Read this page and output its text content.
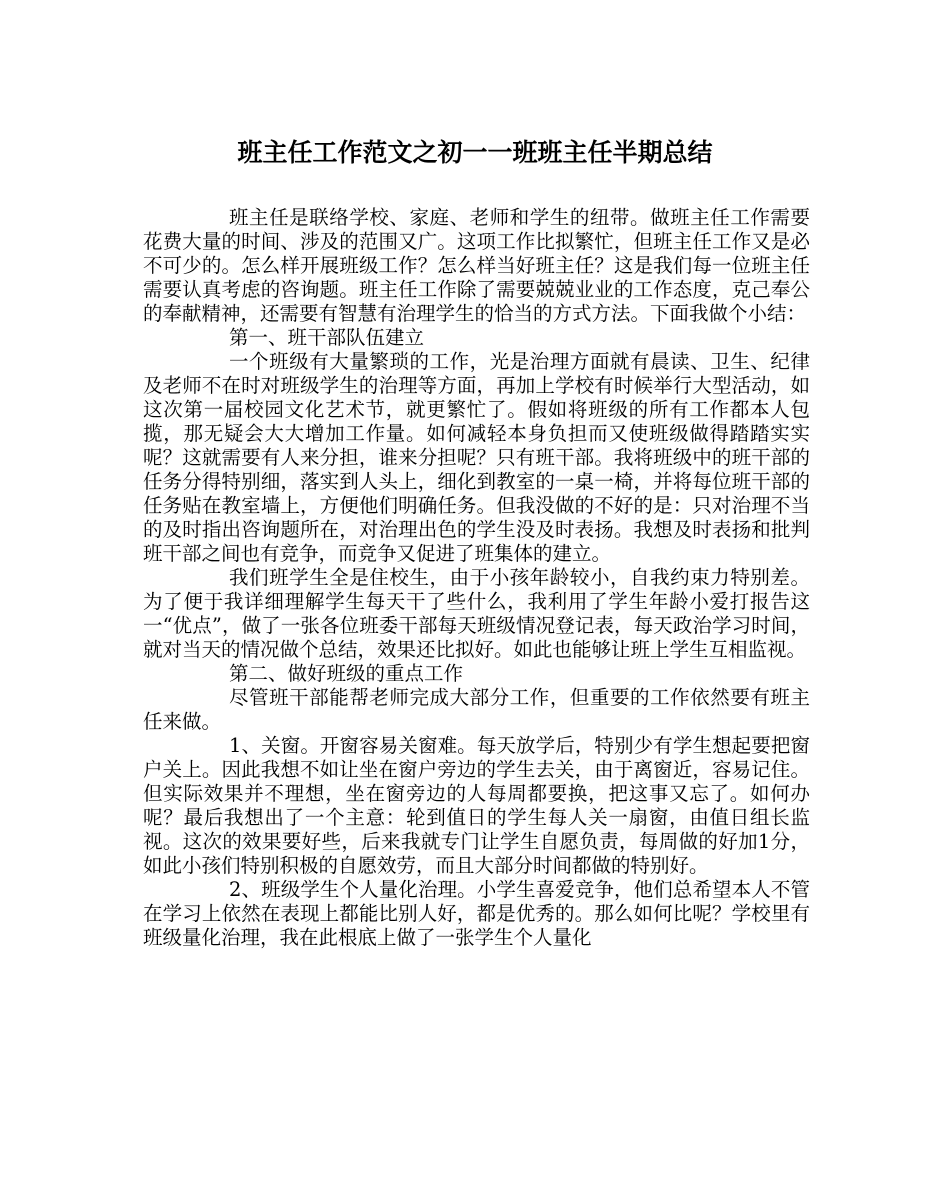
班主任工作范文之初一一班班主任半期总结

班主任是联络学校、家庭、老师和学生的纽带。做班主任工作需要花费大量的时间、涉及的范围又广。这项工作比拟繁忙，但班主任工作又是必不可少的。怎么样开展班级工作？怎么样当好班主任？这是我们每一位班主任需要认真考虑的咨询题。班主任工作除了需要兢兢业业的工作态度，克己奉公的奉献精神，还需要有智慧有治理学生的恰当的方式方法。下面我做个小结：

第一、班干部队伍建立

一个班级有大量繁琐的工作，光是治理方面就有晨读、卫生、纪律及老师不在时对班级学生的治理等方面，再加上学校有时候举行大型活动，如这次第一届校园文化艺术节，就更繁忙了。假如将班级的所有工作都本人包揽，那无疑会大大增加工作量。如何减轻本身负担而又使班级做得踏踏实实呢？这就需要有人来分担，谁来分担呢？只有班干部。我将班级中的班干部的任务分得特别细，落实到人头上，细化到教室的一桌一椅，并将每位班干部的任务贴在教室墙上，方便他们明确任务。但我没做的不好的是：只对治理不当的及时指出咨询题所在，对治理出色的学生没及时表扬。我想及时表扬和批判班干部之间也有竞争，而竞争又促进了班集体的建立。

我们班学生全是住校生，由于小孩年龄较小，自我约束力特别差。为了便于我详细理解学生每天干了些什么，我利用了学生年龄小爱打报告这一“优点”，做了一张各位班委干部每天班级情况登记表，每天政治学习时间，就对当天的情况做个总结，效果还比拟好。如此也能够让班上学生互相监视。

第二、做好班级的重点工作

尽管班干部能帮老师完成大部分工作，但重要的工作依然要有班主任来做。

1、关窗。开窗容易关窗难。每天放学后，特别少有学生想起要把窗户关上。因此我想不如让坐在窗户旁边的学生去关，由于离窗近，容易记住。但实际效果并不理想，坐在窗旁边的人每周都要换，把这事又忘了。如何办呢？最后我想出了一个主意：轮到值日的学生每人关一扇窗，由值日组长监视。这次的效果要好些，后来我就专门让学生自愿负责，每周做的好加1分，如此小孩们特别积极的自愿效劳，而且大部分时间都做的特别好。

2、班级学生个人量化治理。小学生喜爱竞争，他们总希望本人不管在学习上依然在表现上都能比别人好，都是优秀的。那么如何比呢？学校里有班级量化治理，我在此根底上做了一张学生个人量化
